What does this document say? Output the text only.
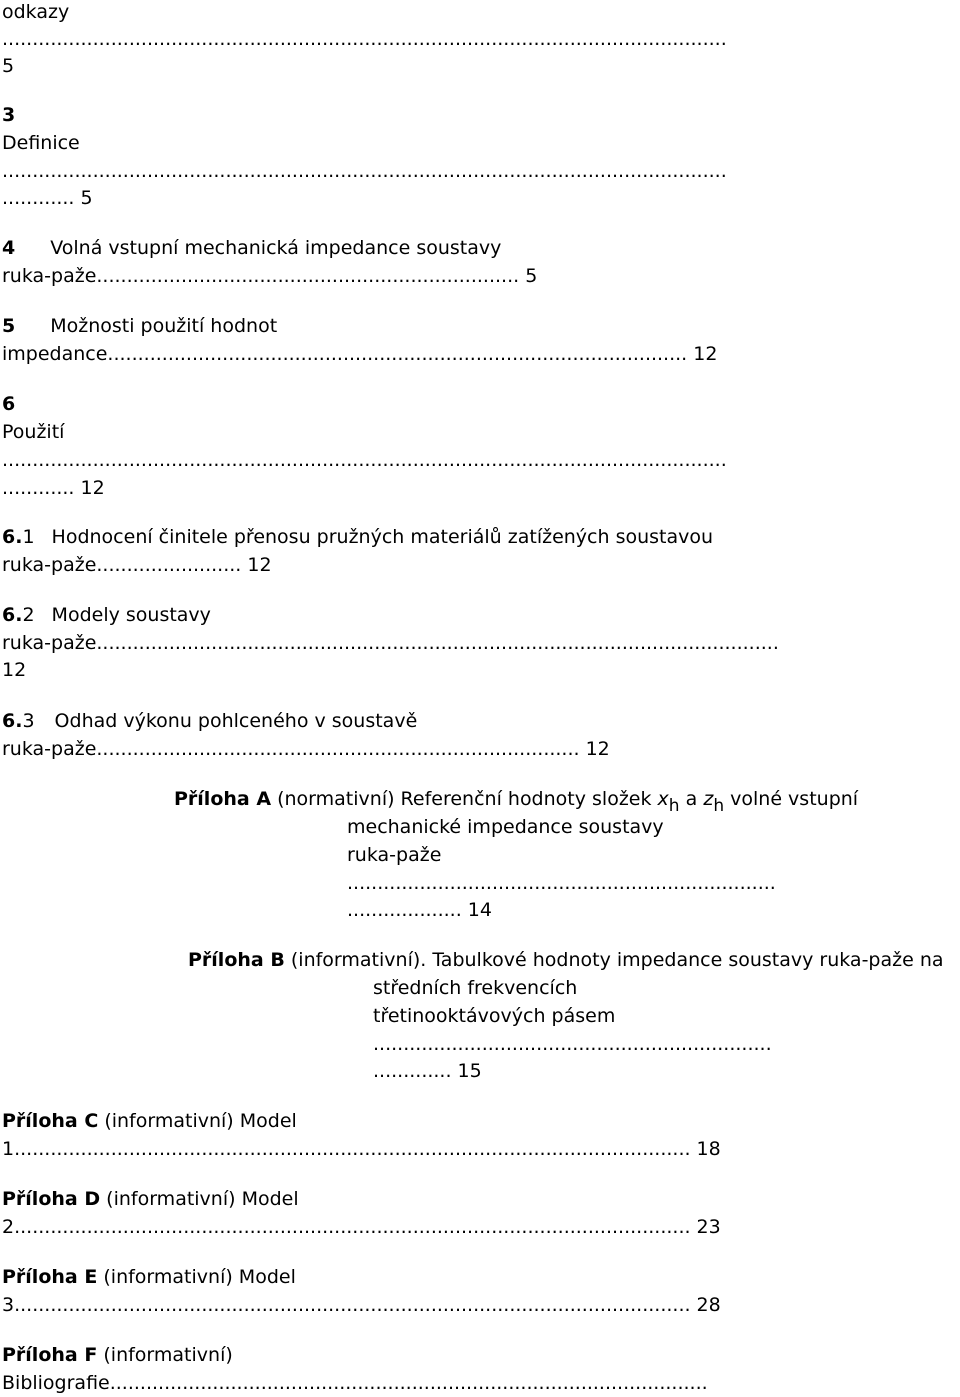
odkazy
........................................................................................................................
5
3
Definice
........................................................................................................................
............ 5
4 Volná vstupní mechanická impedance soustavy
ruka-paže...................................................................... 5
5 Možnosti použití hodnot
impedance................................................................................................ 12
6
Použití
........................................................................................................................
............ 12
6.1 Hodnocení činitele přenosu pružných materiálů zatížených soustavou
ruka-paže........................ 12
6.2 Modely soustavy
ruka-paže.................................................................................................................
12
6.3 Odhad výkonu pohlceného v soustavě
ruka-paže................................................................................ 12
Příloha A (normativní) Referenční hodnoty složek $x_h$ a $z_h$ volné vstupní
mechanické impedance soustavy
ruka-paže
.......................................................................
................... 14
Příloha B (informativní). Tabulkové hodnoty impedance soustavy ruka-paže na
středních frekvencích
třetinooktávových pásem
..................................................................
............. 15
Příloha C (informativní) Model
1................................................................................................................ 18
Příloha D (informativní) Model
2................................................................................................................ 23
Příloha E (informativní) Model
3................................................................................................................ 28
Příloha F (informativní)
Bibliografie...................................................................................................
